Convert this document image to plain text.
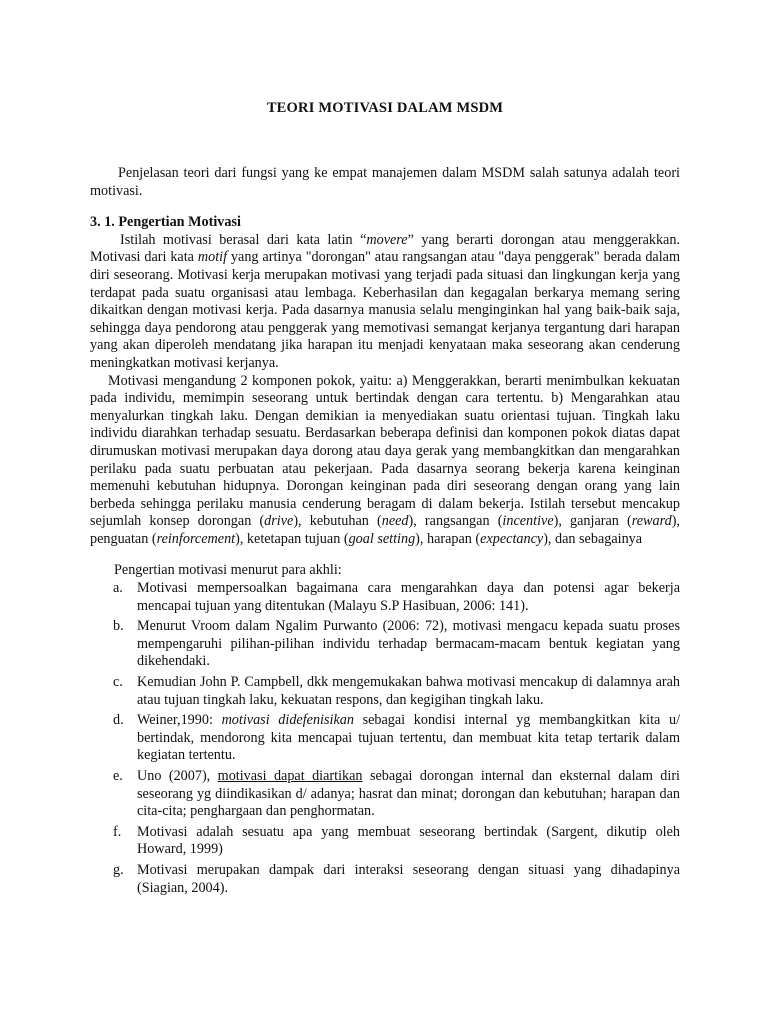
TEORI MOTIVASI DALAM MSDM

Penjelasan teori dari fungsi yang ke empat manajemen dalam MSDM salah satunya adalah teori motivasi.

3. 1. Pengertian Motivasi

Istilah motivasi berasal dari kata latin “movere” yang berarti dorongan atau menggerakkan. Motivasi dari kata motif yang artinya "dorongan" atau rangsangan atau "daya penggerak" berada dalam diri seseorang. Motivasi kerja merupakan motivasi yang terjadi pada situasi dan lingkungan kerja yang terdapat pada suatu organisasi atau lembaga. Keberhasilan dan kegagalan berkarya memang sering dikaitkan dengan motivasi kerja. Pada dasarnya manusia selalu menginginkan hal yang baik-baik saja, sehingga daya pendorong atau penggerak yang memotivasi semangat kerjanya tergantung dari harapan yang akan diperoleh mendatang jika harapan itu menjadi kenyataan maka seseorang akan cenderung meningkatkan motivasi kerjanya.

Motivasi mengandung 2 komponen pokok, yaitu: a) Menggerakkan, berarti menimbulkan kekuatan pada individu, memimpin seseorang untuk bertindak dengan cara tertentu. b) Mengarahkan atau menyalurkan tingkah laku. Dengan demikian ia menyediakan suatu orientasi tujuan. Tingkah laku individu diarahkan terhadap sesuatu. Berdasarkan beberapa definisi dan komponen pokok diatas dapat dirumuskan motivasi merupakan daya dorong atau daya gerak yang membangkitkan dan mengarahkan perilaku pada suatu perbuatan atau pekerjaan. Pada dasarnya seorang bekerja karena keinginan memenuhi kebutuhan hidupnya. Dorongan keinginan pada diri seseorang dengan orang yang lain berbeda sehingga perilaku manusia cenderung beragam di dalam bekerja. Istilah tersebut mencakup sejumlah konsep dorongan (drive), kebutuhan (need), rangsangan (incentive), ganjaran (reward), penguatan (reinforcement), ketetapan tujuan (goal setting), harapan (expectancy), dan sebagainya

Pengertian motivasi menurut para akhli:
a. Motivasi mempersoalkan bagaimana cara mengarahkan daya dan potensi agar bekerja mencapai tujuan yang ditentukan (Malayu S.P Hasibuan, 2006: 141).
b. Menurut Vroom dalam Ngalim Purwanto (2006: 72), motivasi mengacu kepada suatu proses mempengaruhi pilihan-pilihan individu terhadap bermacam-macam bentuk kegiatan yang dikehendaki.
c. Kemudian John P. Campbell, dkk mengemukakan bahwa motivasi mencakup di dalamnya arah atau tujuan tingkah laku, kekuatan respons, dan kegigihan tingkah laku.
d. Weiner,1990: motivasi didefenisikan sebagai kondisi internal yg membangkitkan kita u/ bertindak, mendorong kita mencapai tujuan tertentu, dan membuat kita tetap tertarik dalam kegiatan tertentu.
e. Uno (2007), motivasi dapat diartikan sebagai dorongan internal dan eksternal dalam diri seseorang yg diindikasikan d/ adanya; hasrat dan minat; dorongan dan kebutuhan; harapan dan cita-cita; penghargaan dan penghormatan.
f. Motivasi adalah sesuatu apa yang membuat seseorang bertindak (Sargent, dikutip oleh Howard, 1999)
g. Motivasi merupakan dampak dari interaksi seseorang dengan situasi yang dihadapinya (Siagian, 2004).
